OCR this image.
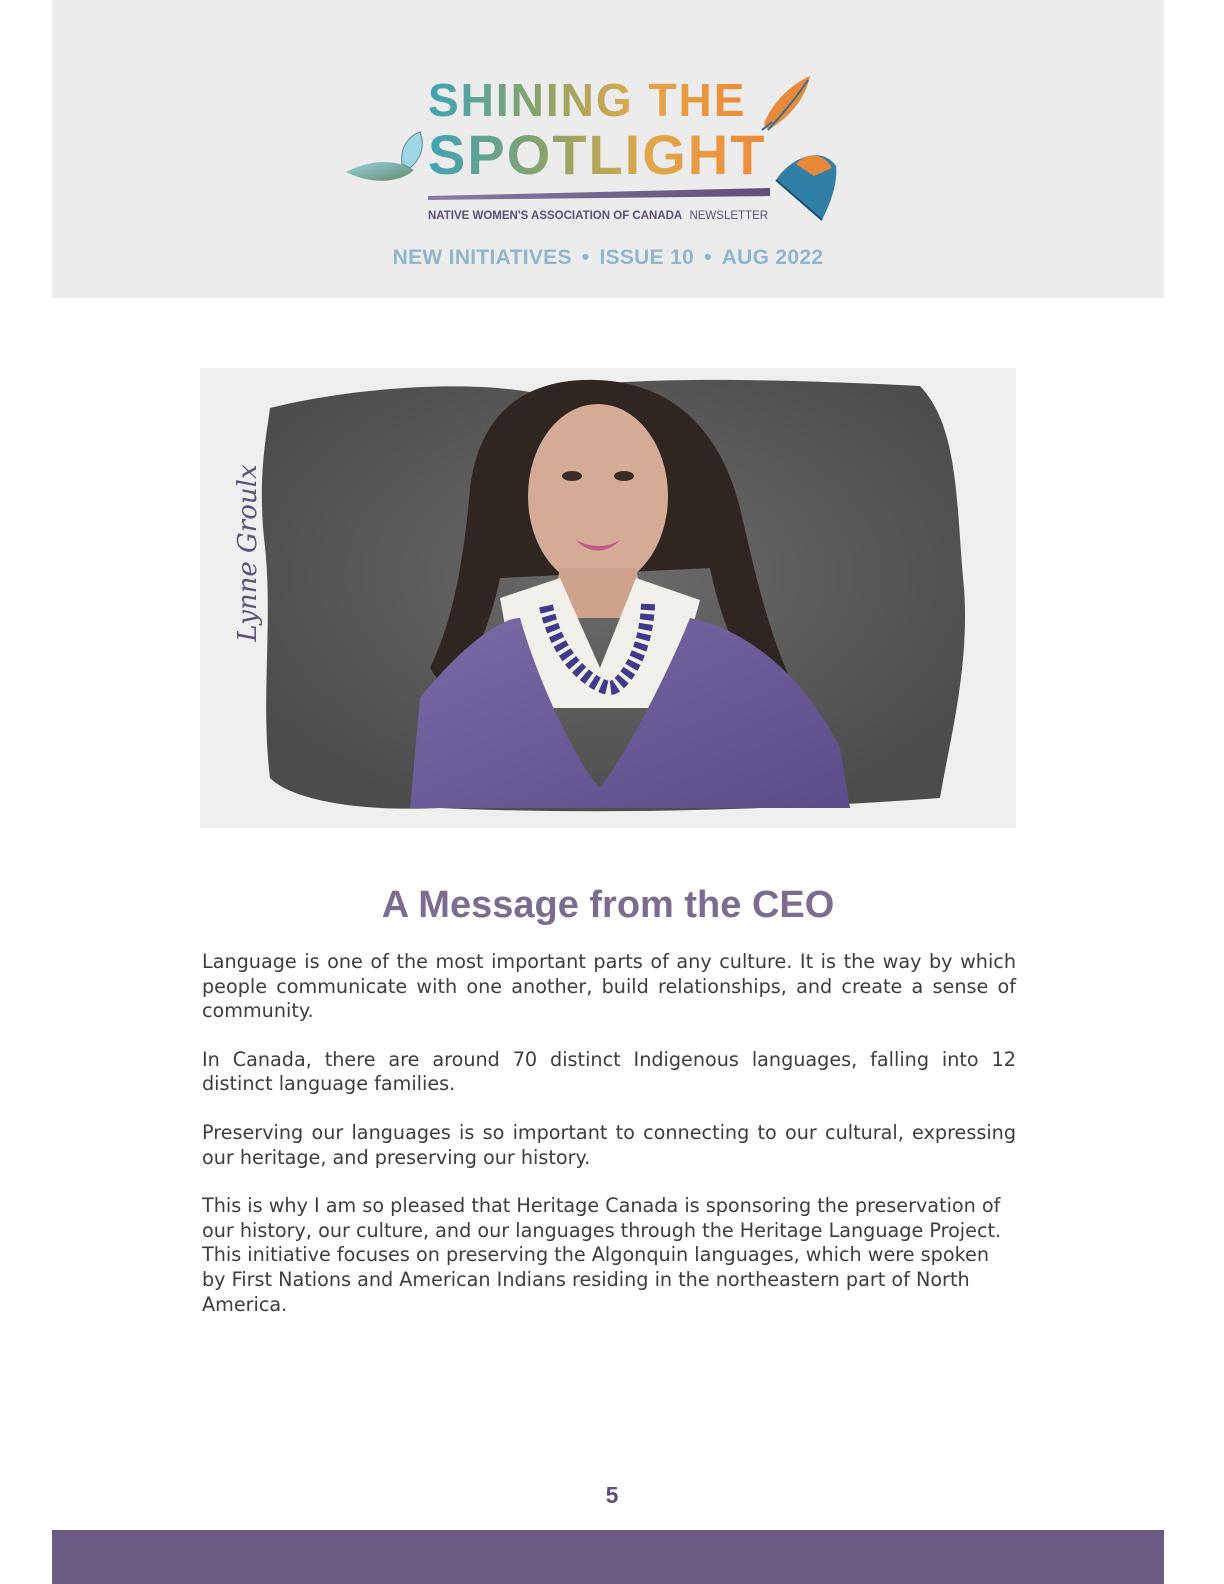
SHINING THE
SPOTLIGHT
NATIVE WOMEN'S ASSOCIATION OF CANADA NEWSLETTER
NEW INITIATIVES • ISSUE 10 • AUG 2022
Lynne Groulx
A Message from the CEO

Language is one of the most important parts of any culture. It is the way by which people communicate with one another, build relationships, and create a sense of community.

In Canada, there are around 70 distinct Indigenous languages, falling into 12 distinct language families.

Preserving our languages is so important to connecting to our cultural, expressing our heritage, and preserving our history.

This is why I am so pleased that Heritage Canada is sponsoring the preservation of our history, our culture, and our languages through the Heritage Language Project. This initiative focuses on preserving the Algonquin languages, which were spoken by First Nations and American Indians residing in the northeastern part of North America.

5
